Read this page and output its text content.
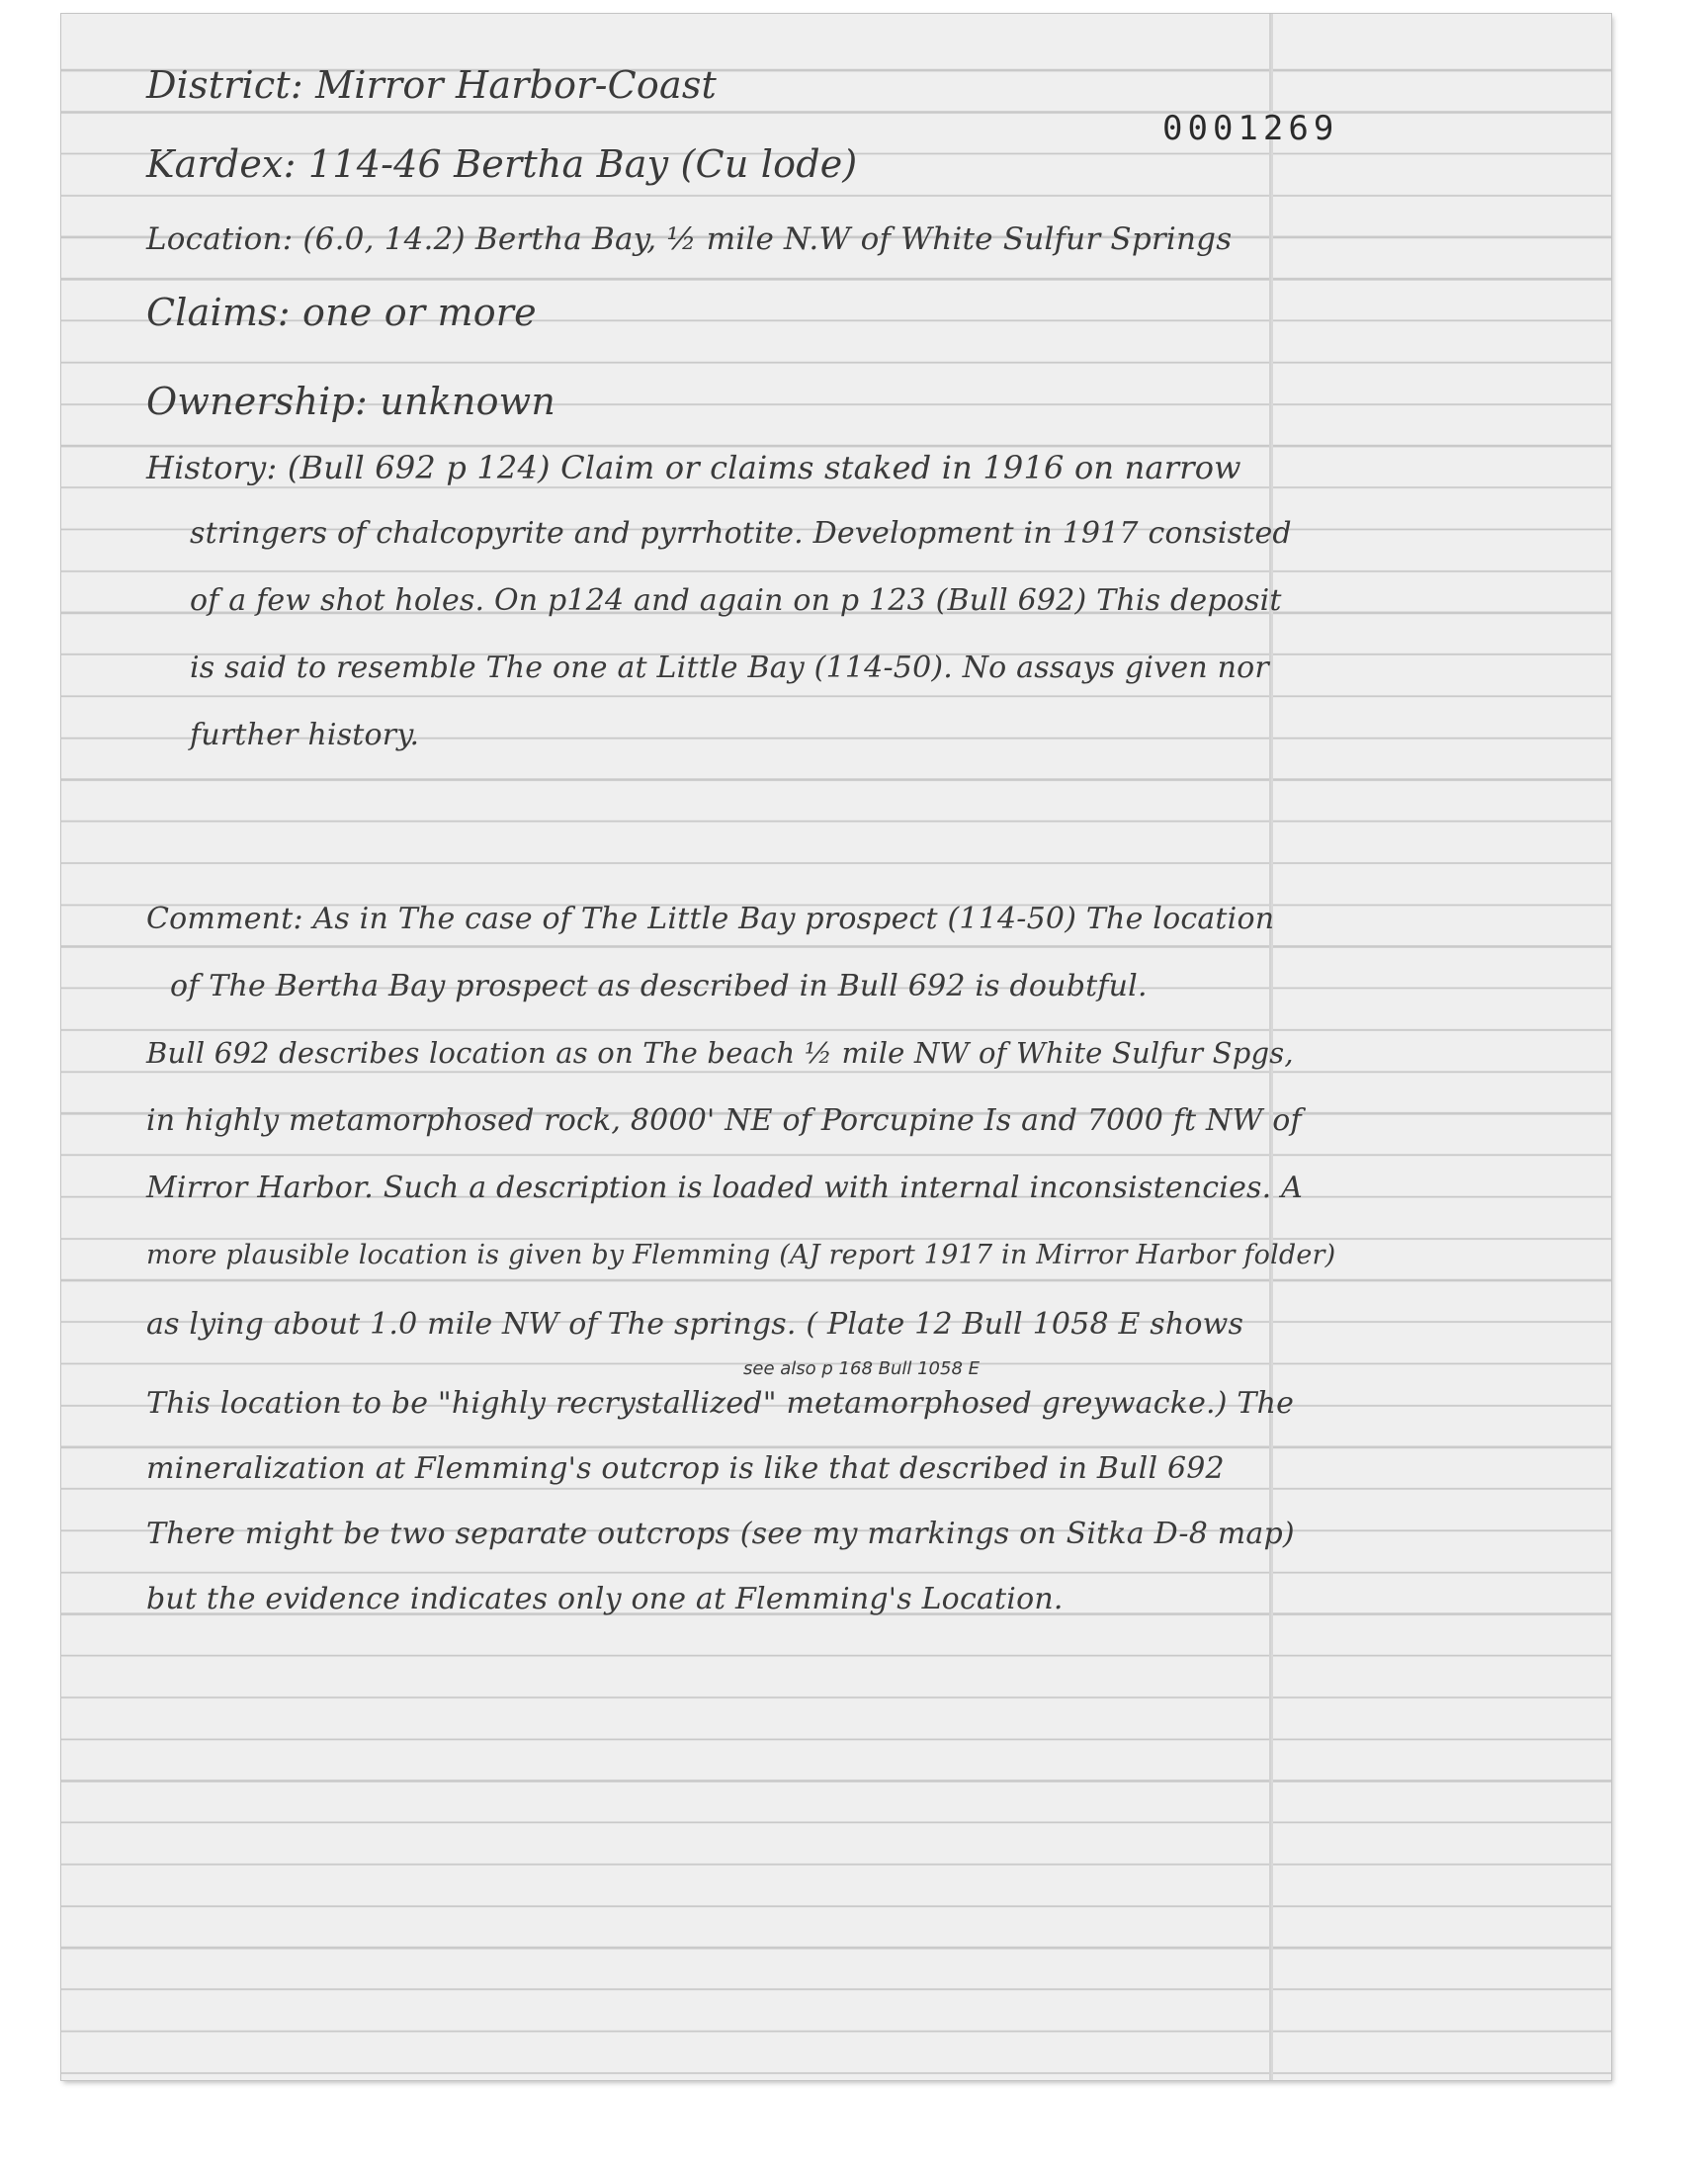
0001269
District: Mirror Harbor-Coast
Kardex: 114-46 Bertha Bay (Cu lode)
Location: (6.0, 14.2) Bertha Bay, ½ mile N.W of White Sulfur Springs
Claims: one or more
Ownership: unknown
History: (Bull 692 p 124) Claim or claims staked in 1916 on narrow
stringers of chalcopyrite and pyrrhotite. Development in 1917 consisted
of a few shot holes. On p124 and again on p 123 (Bull 692) This deposit
is said to resemble The one at Little Bay (114-50). No assays given nor
further history.
Comment: As in The case of The Little Bay prospect (114-50) The location
of The Bertha Bay prospect as described in Bull 692 is doubtful.
Bull 692 describes location as on The beach ½ mile NW of White Sulfur Spgs,
in highly metamorphosed rock, 8000' NE of Porcupine Is and 7000 ft NW of
Mirror Harbor. Such a description is loaded with internal inconsistencies. A
more plausible location is given by Flemming (AJ report 1917 in Mirror Harbor folder)
as lying about 1.0 mile NW of The springs. ( Plate 12 Bull 1058 E shows
see also p 168 Bull 1058 E
This location to be "highly recrystallized" metamorphosed greywacke.) The
mineralization at Flemming's outcrop is like that described in Bull 692
There might be two separate outcrops (see my markings on Sitka D-8 map)
but the evidence indicates only one at Flemming's Location.
